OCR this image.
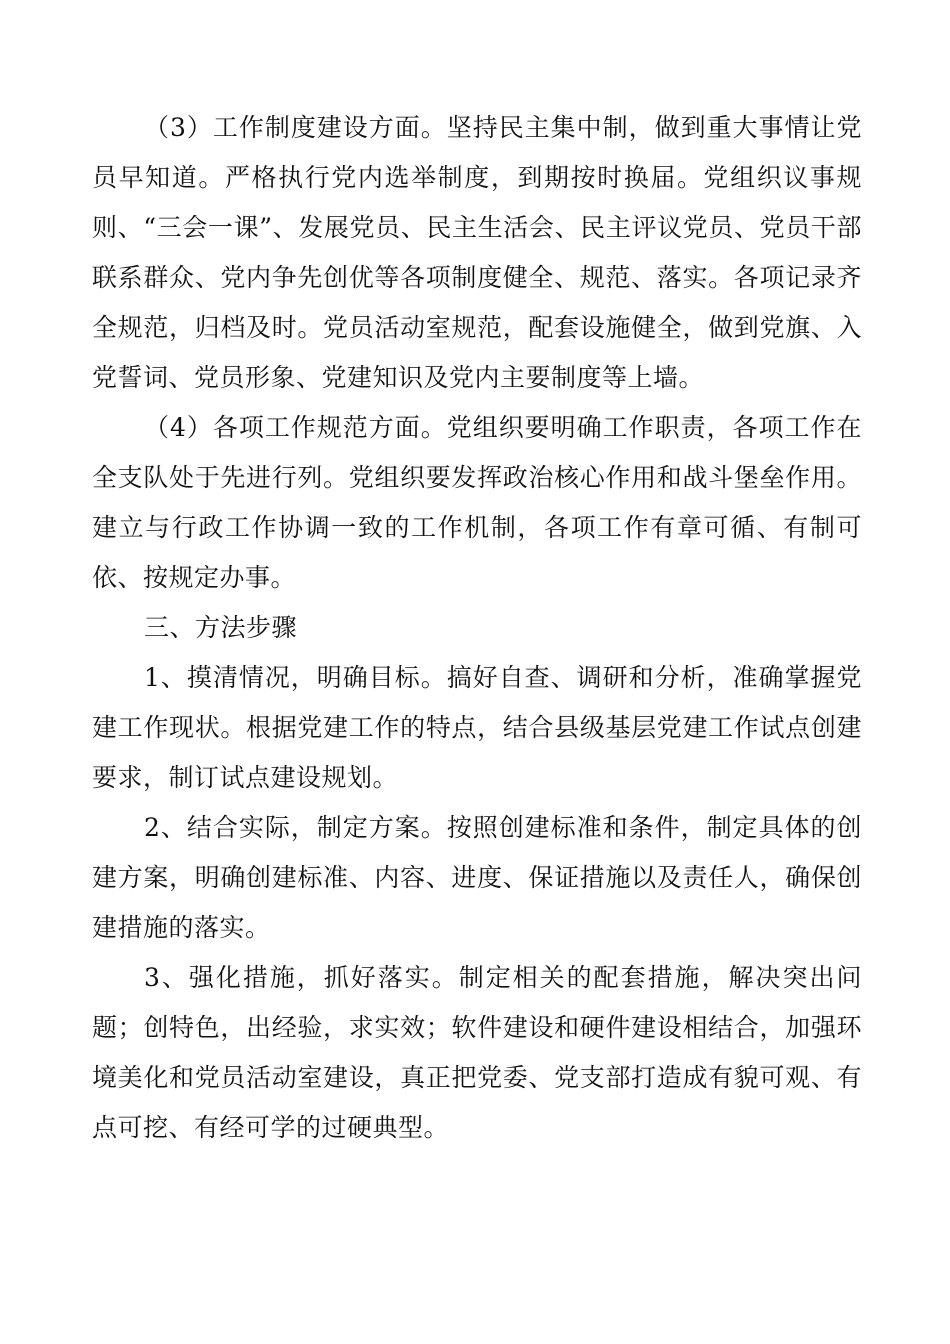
（3）工作制度建设方面。坚持民主集中制，做到重大事情让党员早知道。严格执行党内选举制度，到期按时换届。党组织议事规则、“三会一课”、发展党员、民主生活会、民主评议党员、党员干部联系群众、党内争先创优等各项制度健全、规范、落实。各项记录齐全规范，归档及时。党员活动室规范，配套设施健全，做到党旗、入党誓词、党员形象、党建知识及党内主要制度等上墙。

（4）各项工作规范方面。党组织要明确工作职责，各项工作在全支队处于先进行列。党组织要发挥政治核心作用和战斗堡垒作用。建立与行政工作协调一致的工作机制，各项工作有章可循、有制可依、按规定办事。

三、方法步骤

1、摸清情况，明确目标。搞好自查、调研和分析，准确掌握党建工作现状。根据党建工作的特点，结合县级基层党建工作试点创建要求，制订试点建设规划。

2、结合实际，制定方案。按照创建标准和条件，制定具体的创建方案，明确创建标准、内容、进度、保证措施以及责任人，确保创建措施的落实。

3、强化措施，抓好落实。制定相关的配套措施，解决突出问题；创特色，出经验，求实效；软件建设和硬件建设相结合，加强环境美化和党员活动室建设，真正把党委、党支部打造成有貌可观、有点可挖、有经可学的过硬典型。
